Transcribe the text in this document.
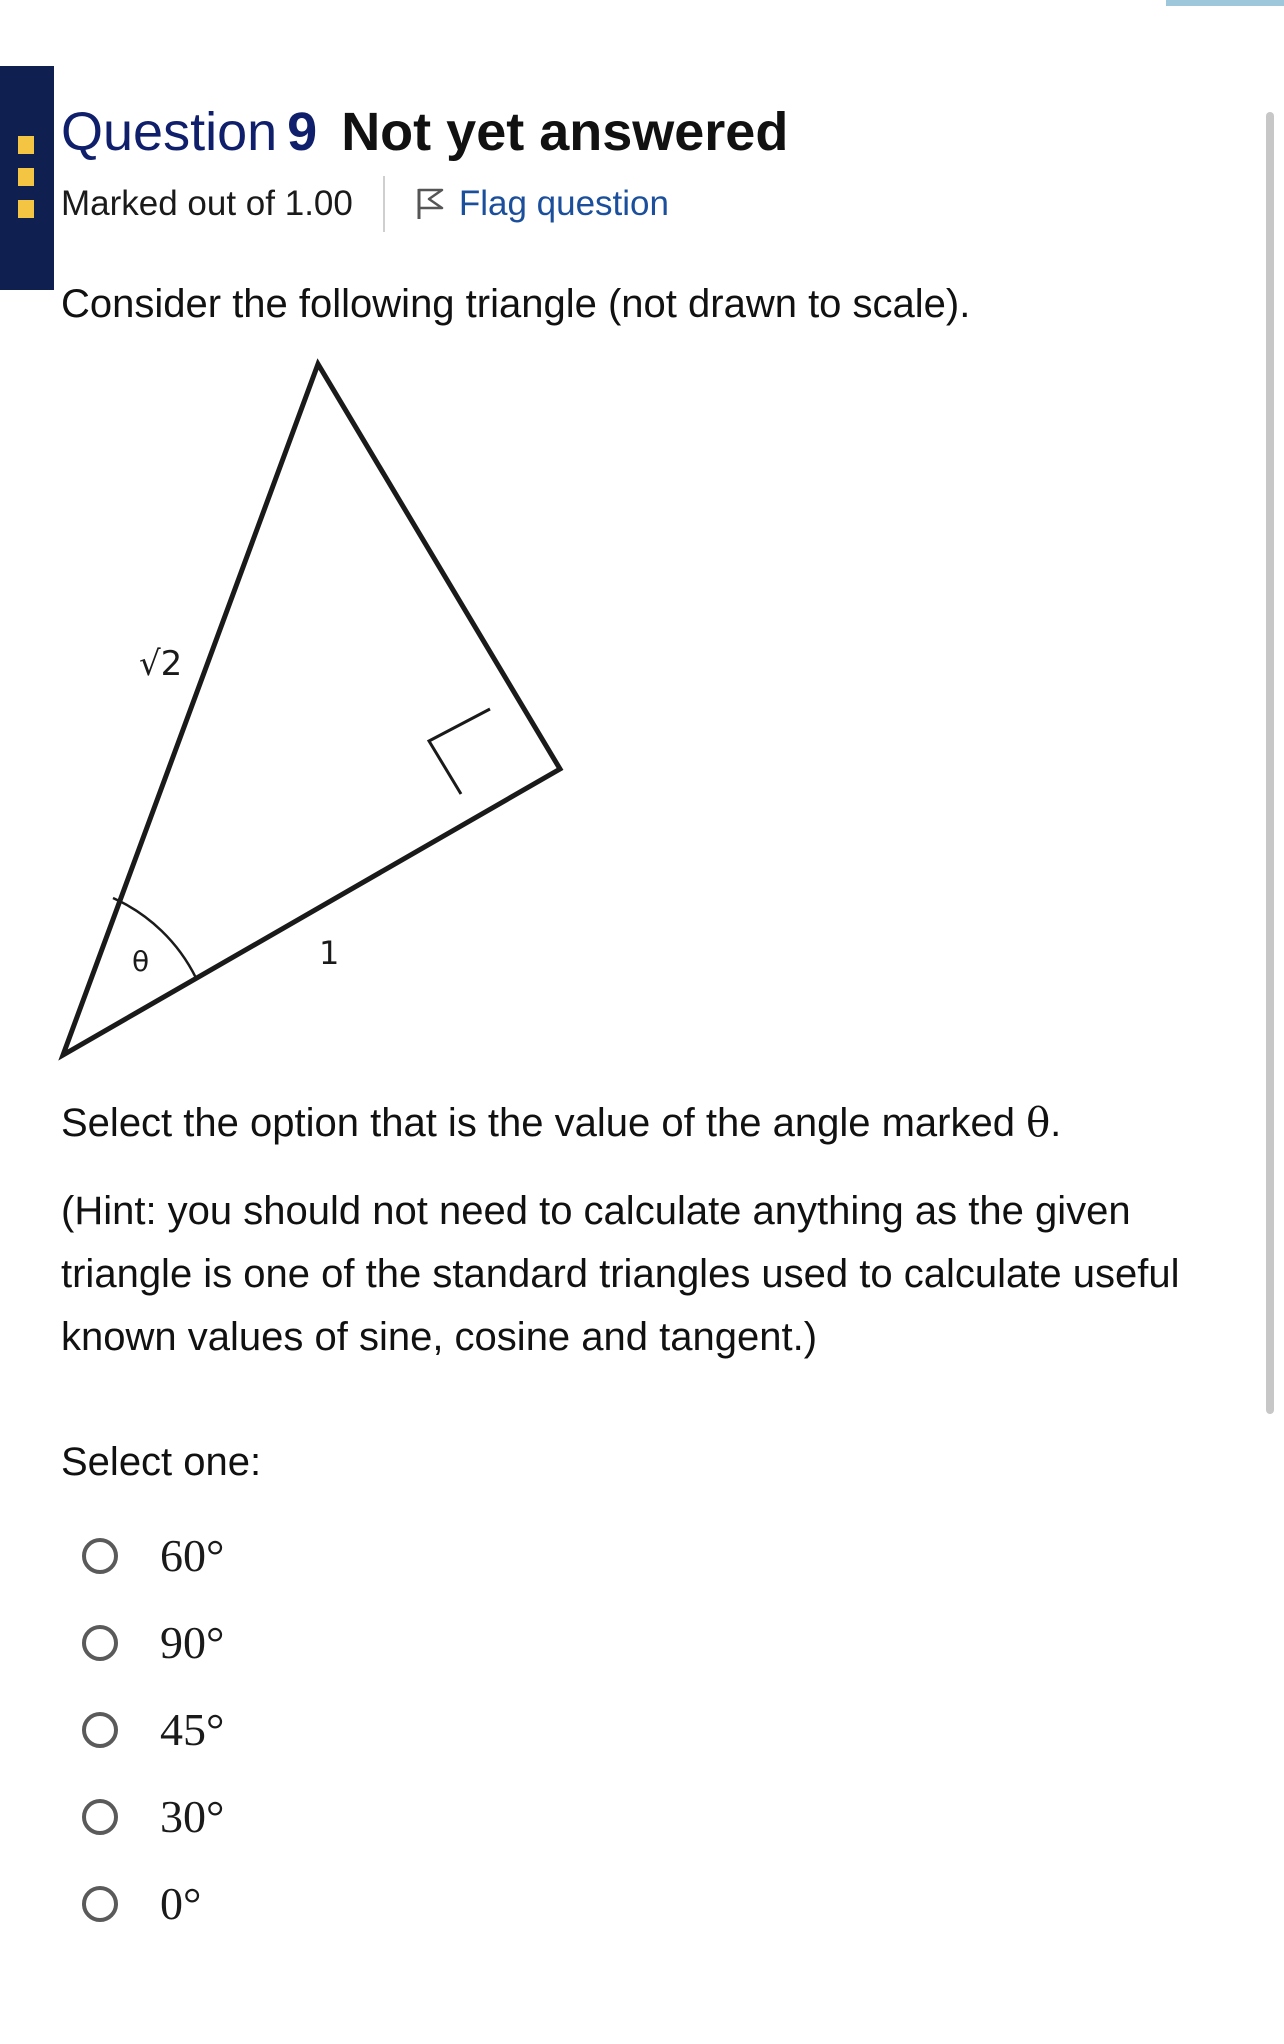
Question 9 Not yet answered
Marked out of 1.00	Flag question
Consider the following triangle (not drawn to scale).
√2
1
θ
Select the option that is the value of the angle marked θ.
(Hint: you should not need to calculate anything as the given triangle is one of the standard triangles used to calculate useful known values of sine, cosine and tangent.)
Select one:
60°
90°
45°
30°
0°
